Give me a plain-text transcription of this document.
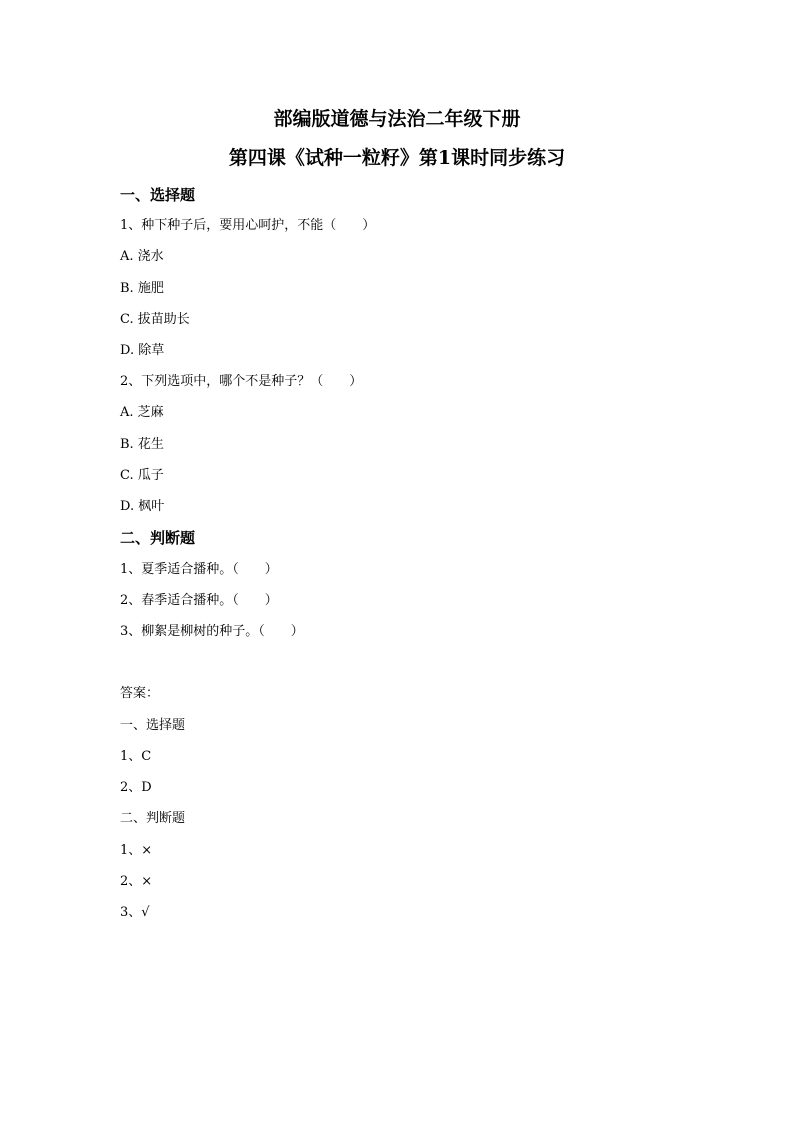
部编版道德与法治二年级下册
第四课《试种一粒籽》第1课时同步练习
一、选择题
1、种下种子后，要用心呵护，不能（　　）
A. 浇水
B. 施肥
C. 拔苗助长
D. 除草
2、下列选项中，哪个不是种子？（　　）
A. 芝麻
B. 花生
C. 瓜子
D. 枫叶
二、判断题
1、夏季适合播种。（　　）
2、春季适合播种。（　　）
3、柳絮是柳树的种子。（　　）
答案：
一、选择题
1、C
2、D
二、判断题
1、×
2、×
3、√
